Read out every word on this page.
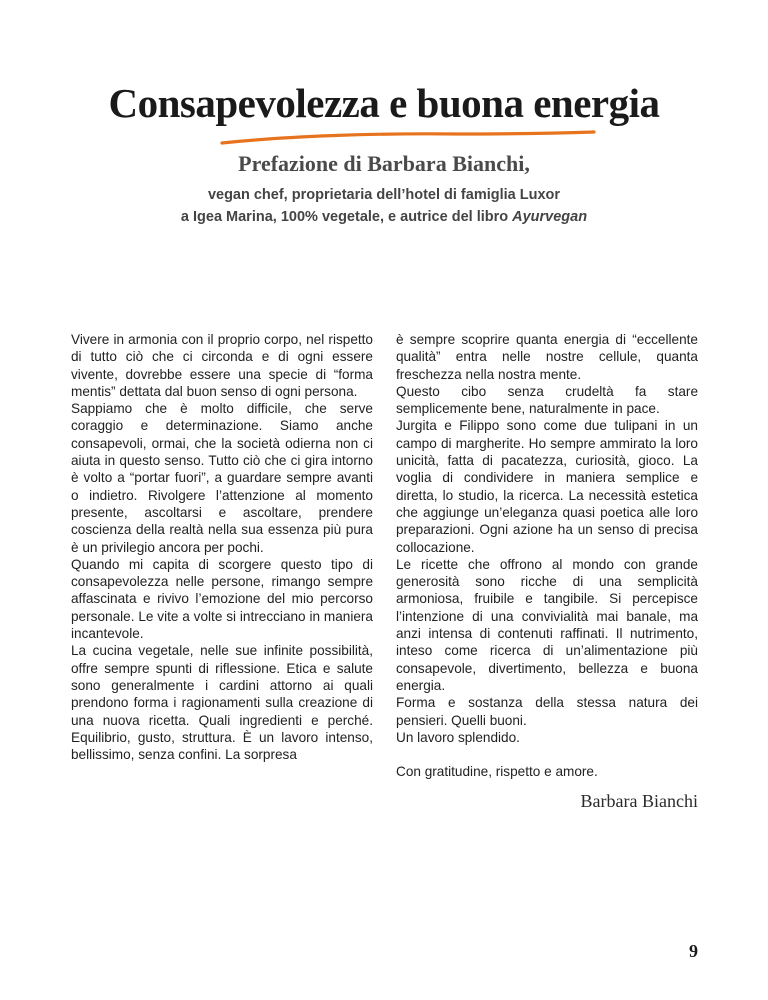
Consapevolezza e buona energia
Prefazione di Barbara Bianchi,
vegan chef, proprietaria dell’hotel di famiglia Luxor
a Igea Marina, 100% vegetale, e autrice del libro Ayurvegan

Vivere in armonia con il proprio corpo, nel rispetto di tutto ciò che ci circonda e di ogni essere vivente, dovrebbe essere una specie di “forma mentis” dettata dal buon senso di ogni persona.

Sappiamo che è molto difficile, che serve coraggio e determinazione. Siamo anche consapevoli, ormai, che la società odierna non ci aiuta in questo senso. Tutto ciò che ci gira intorno è volto a “portar fuori”, a guardare sempre avanti o indietro. Rivolgere l’attenzione al momento presente, ascoltarsi e ascoltare, prendere coscienza della realtà nella sua essenza più pura è un privilegio ancora per pochi.

Quando mi capita di scorgere questo tipo di consapevolezza nelle persone, rimango sempre affascinata e rivivo l’emozione del mio percorso personale. Le vite a volte si intrecciano in maniera incantevole.

La cucina vegetale, nelle sue infinite possibilità, offre sempre spunti di riflessione. Etica e salute sono generalmente i cardini attorno ai quali prendono forma i ragionamenti sulla creazione di una nuova ricetta. Quali ingredienti e perché. Equilibrio, gusto, struttura. È un lavoro intenso, bellissimo, senza confini. La sorpresa

è sempre scoprire quanta energia di “eccellente qualità” entra nelle nostre cellule, quanta freschezza nella nostra mente.

Questo cibo senza crudeltà fa stare semplicemente bene, naturalmente in pace.

Jurgita e Filippo sono come due tulipani in un campo di margherite. Ho sempre ammirato la loro unicità, fatta di pacatezza, curiosità, gioco. La voglia di condividere in maniera semplice e diretta, lo studio, la ricerca. La necessità estetica che aggiunge un’eleganza quasi poetica alle loro preparazioni. Ogni azione ha un senso di precisa collocazione.

Le ricette che offrono al mondo con grande generosità sono ricche di una semplicità armoniosa, fruibile e tangibile. Si percepisce l’intenzione di una convivialità mai banale, ma anzi intensa di contenuti raffinati. Il nutrimento, inteso come ricerca di un’alimentazione più consapevole, divertimento, bellezza e buona energia.

Forma e sostanza della stessa natura dei pensieri. Quelli buoni.

Un lavoro splendido.

Con gratitudine, rispetto e amore.

Barbara Bianchi
9
